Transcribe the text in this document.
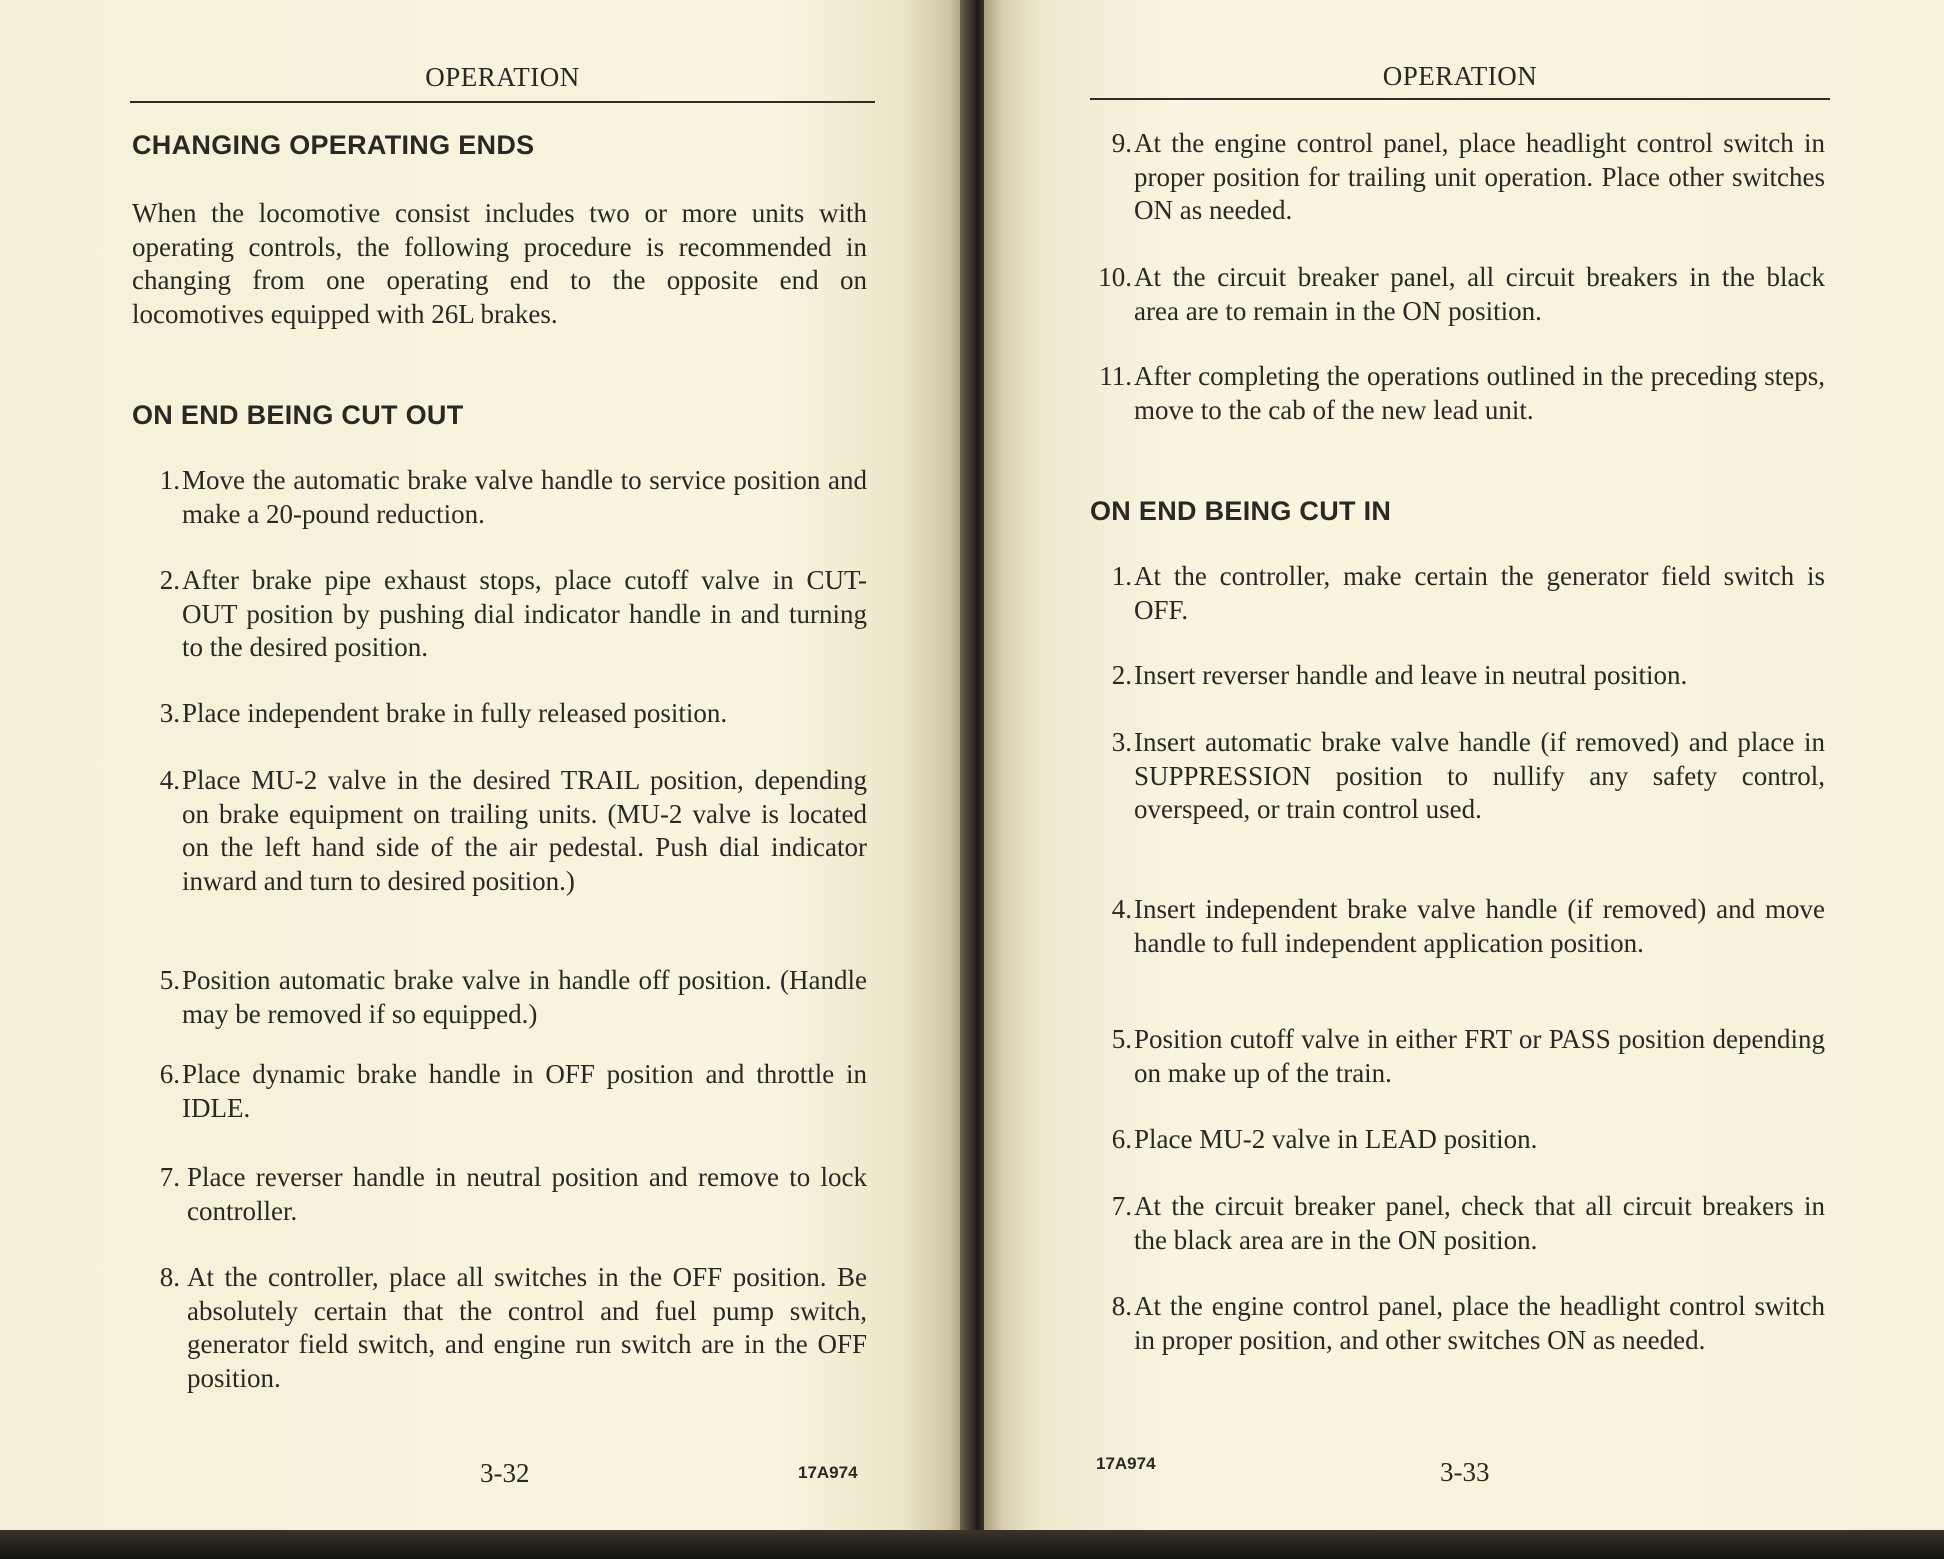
OPERATION
CHANGING OPERATING ENDS
When the locomotive consist includes two or more units with operating controls, the following procedure is recommended in changing from one operating end to the opposite end on locomotives equipped with 26L brakes.
ON END BEING CUT OUT
1. Move the automatic brake valve handle to service position and make a 20-pound reduction.
2. After brake pipe exhaust stops, place cutoff valve in CUT-OUT position by pushing dial indicator handle in and turning to the desired position.
3. Place independent brake in fully released position.
4. Place MU-2 valve in the desired TRAIL position, depending on brake equipment on trailing units. (MU-2 valve is located on the left hand side of the air pedestal. Push dial indicator inward and turn to desired position.)
5. Position automatic brake valve in handle off position. (Handle may be removed if so equipped.)
6. Place dynamic brake handle in OFF position and throttle in IDLE.
7. Place reverser handle in neutral position and remove to lock controller.
8. At the controller, place all switches in the OFF position. Be absolutely certain that the control and fuel pump switch, generator field switch, and engine run switch are in the OFF position.
3-32	17A974
OPERATION
9. At the engine control panel, place headlight control switch in proper position for trailing unit operation. Place other switches ON as needed.
10. At the circuit breaker panel, all circuit breakers in the black area are to remain in the ON position.
11. After completing the operations outlined in the preceding steps, move to the cab of the new lead unit.
ON END BEING CUT IN
1. At the controller, make certain the generator field switch is OFF.
2. Insert reverser handle and leave in neutral position.
3. Insert automatic brake valve handle (if removed) and place in SUPPRESSION position to nullify any safety control, overspeed, or train control used.
4. Insert independent brake valve handle (if removed) and move handle to full independent application position.
5. Position cutoff valve in either FRT or PASS position depending on make up of the train.
6. Place MU-2 valve in LEAD position.
7. At the circuit breaker panel, check that all circuit breakers in the black area are in the ON position.
8. At the engine control panel, place the headlight control switch in proper position, and other switches ON as needed.
17A974	3-33
